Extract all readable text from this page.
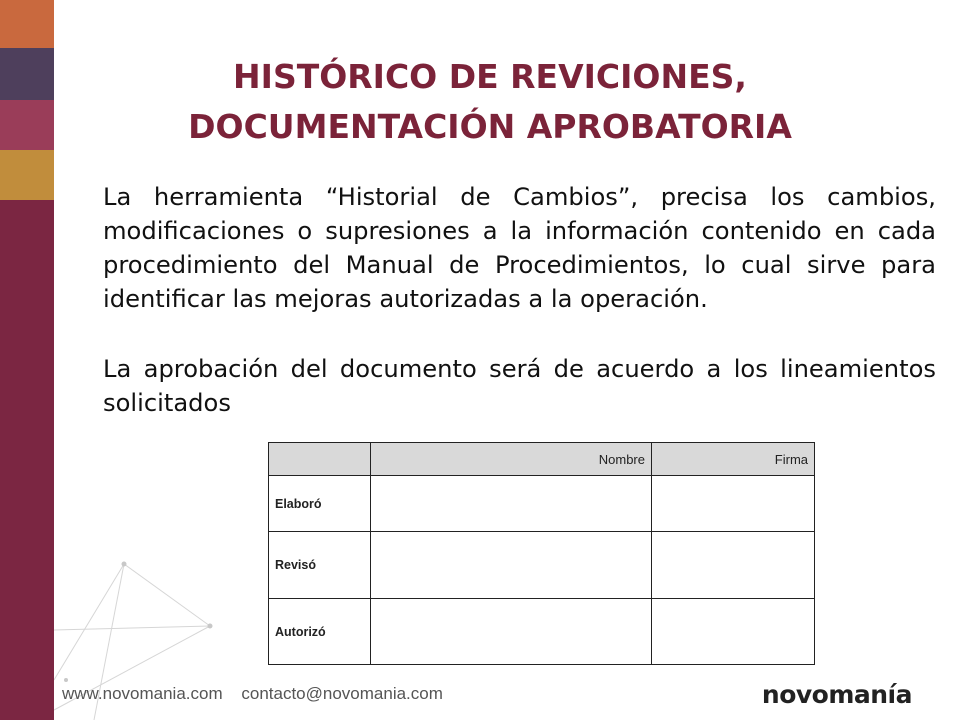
HISTÓRICO DE REVICIONES, DOCUMENTACIÓN APROBATORIA
La herramienta “Historial de Cambios”, precisa los cambios, modificaciones o supresiones a la información contenido en cada procedimiento del Manual de Procedimientos, lo cual sirve para identificar las mejoras autorizadas a la operación.
La aprobación del documento será de acuerdo a los lineamientos solicitados
	Nombre	Firma
Elaboró		
Revisó		
Autorizó		
www.novomania.com contacto@novomania.com	novomanía
